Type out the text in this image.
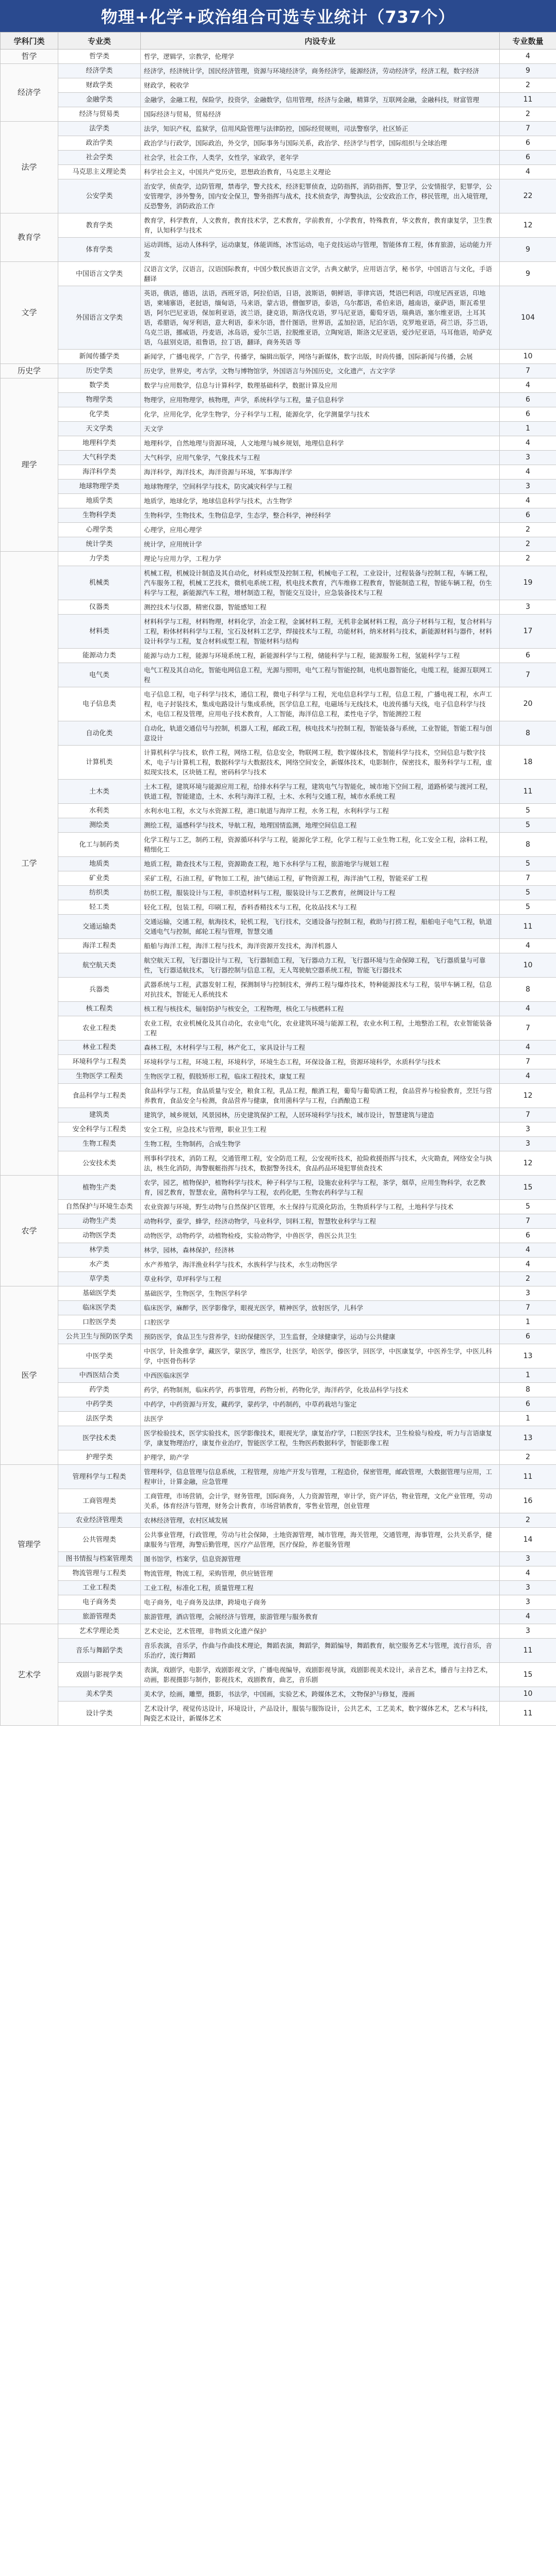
物理+化学+政治组合可选专业统计（737个）
学科门类	专业类	内设专业	专业数量
哲学	哲学类	哲学，逻辑学，宗教学，伦理学	4
经济学	经济学类	经济学，经济统计学，国民经济管理，资源与环境经济学，商务经济学，能源经济，劳动经济学，经济工程，数字经济	9
	财政学类	财政学，税收学	2
	金融学类	金融学，金融工程，保险学，投资学，金融数学，信用管理，经济与金融，精算学，互联网金融，金融科技，财富管理	11
	经济与贸易类	国际经济与贸易，贸易经济	2
法学	法学类	法学，知识产权，监狱学，信用风险管理与法律防控，国际经贸规则，司法警察学，社区矫正	7
	政治学类	政治学与行政学，国际政治，外交学，国际事务与国际关系，政治学、经济学与哲学，国际组织与全球治理	6
	社会学类	社会学，社会工作，人类学，女性学，家政学，老年学	6
	马克思主义理论类	科学社会主义，中国共产党历史，思想政治教育，马克思主义理论	4
	公安学类	治安学，侦查学，边防管理，禁毒学，警犬技术，经济犯罪侦查，边防指挥，消防指挥，警卫学，公安情报学，犯罪学，公安管理学，涉外警务，国内安全保卫，警务指挥与战术，技术侦查学，海警执法，公安政治工作，移民管理，出入境管理，反恐警务，消防政治工作	22
教育学	教育学类	教育学，科学教育，人文教育，教育技术学，艺术教育，学前教育，小学教育，特殊教育，华文教育，教育康复学，卫生教育，认知科学与技术	12
	体育学类	运动训练，运动人体科学，运动康复，体能训练，冰雪运动，电子竞技运动与管理，智能体育工程，体育旅游，运动能力开发	9
文学	中国语言文学类	汉语言文学，汉语言，汉语国际教育，中国少数民族语言文学，古典文献学，应用语言学，秘书学，中国语言与文化，手语翻译	9
	外国语言文学类	英语，俄语，德语，法语，西班牙语，阿拉伯语，日语，波斯语，朝鲜语，菲律宾语，梵语巴利语，印度尼西亚语，印地语，柬埔寨语，老挝语，缅甸语，马来语，蒙古语，僧伽罗语，泰语，乌尔都语，希伯来语，越南语，豪萨语，斯瓦希里语，阿尔巴尼亚语，保加利亚语，波兰语，捷克语，斯洛伐克语，罗马尼亚语，葡萄牙语，瑞典语，塞尔维亚语，土耳其语，希腊语，匈牙利语，意大利语，泰米尔语，普什图语，世界语，孟加拉语，尼泊尔语，克罗地亚语，荷兰语，芬兰语，乌克兰语，挪威语，丹麦语，冰岛语，爱尔兰语，拉脱维亚语，立陶宛语，斯洛文尼亚语，爱沙尼亚语，马耳他语，哈萨克语，乌兹别克语，祖鲁语，拉丁语，翻译，商务英语 等	104
	新闻传播学类	新闻学，广播电视学，广告学，传播学，编辑出版学，网络与新媒体，数字出版，时尚传播，国际新闻与传播，会展	10
历史学	历史学类	历史学，世界史，考古学，文物与博物馆学，外国语言与外国历史，文化遗产，古文字学	7
理学	数学类	数学与应用数学，信息与计算科学，数理基础科学，数据计算及应用	4
	物理学类	物理学，应用物理学，核物理，声学，系统科学与工程，量子信息科学	6
	化学类	化学，应用化学，化学生物学，分子科学与工程，能源化学，化学测量学与技术	6
	天文学类	天文学	1
	地理科学类	地理科学，自然地理与资源环境，人文地理与城乡规划，地理信息科学	4
	大气科学类	大气科学，应用气象学，气象技术与工程	3
	海洋科学类	海洋科学，海洋技术，海洋资源与环境，军事海洋学	4
	地球物理学类	地球物理学，空间科学与技术，防灾减灾科学与工程	3
	地质学类	地质学，地球化学，地球信息科学与技术，古生物学	4
	生物科学类	生物科学，生物技术，生物信息学，生态学，整合科学，神经科学	6
	心理学类	心理学，应用心理学	2
	统计学类	统计学，应用统计学	2
工学	力学类	理论与应用力学，工程力学	2
	机械类	机械工程，机械设计制造及其自动化，材料成型及控制工程，机械电子工程，工业设计，过程装备与控制工程，车辆工程，汽车服务工程，机械工艺技术，微机电系统工程，机电技术教育，汽车维修工程教育，智能制造工程，智能车辆工程，仿生科学与工程，新能源汽车工程，增材制造工程，智能交互设计，应急装备技术与工程	19
	仪器类	测控技术与仪器，精密仪器，智能感知工程	3
	材料类	材料科学与工程，材料物理，材料化学，冶金工程，金属材料工程，无机非金属材料工程，高分子材料与工程，复合材料与工程，粉体材料科学与工程，宝石及材料工艺学，焊接技术与工程，功能材料，纳米材料与技术，新能源材料与器件，材料设计科学与工程，复合材料成型工程，智能材料与结构	17
	能源动力类	能源与动力工程，能源与环境系统工程，新能源科学与工程，储能科学与工程，能源服务工程，氢能科学与工程	6
	电气类	电气工程及其自动化，智能电网信息工程，光源与照明，电气工程与智能控制，电机电器智能化，电缆工程，能源互联网工程	7
	电子信息类	电子信息工程，电子科学与技术，通信工程，微电子科学与工程，光电信息科学与工程，信息工程，广播电视工程，水声工程，电子封装技术，集成电路设计与集成系统，医学信息工程，电磁场与无线技术，电波传播与天线，电子信息科学与技术，电信工程及管理，应用电子技术教育，人工智能，海洋信息工程，柔性电子学，智能测控工程	20
	自动化类	自动化，轨道交通信号与控制，机器人工程，邮政工程，核电技术与控制工程，智能装备与系统，工业智能，智能工程与创意设计	8
	计算机类	计算机科学与技术，软件工程，网络工程，信息安全，物联网工程，数字媒体技术，智能科学与技术，空间信息与数字技术，电子与计算机工程，数据科学与大数据技术，网络空间安全，新媒体技术，电影制作，保密技术，服务科学与工程，虚拟现实技术，区块链工程，密码科学与技术	18
	土木类	土木工程，建筑环境与能源应用工程，给排水科学与工程，建筑电气与智能化，城市地下空间工程，道路桥梁与渡河工程，铁道工程，智能建造，土木、水利与海洋工程，土木、水利与交通工程，城市水系统工程	11
	水利类	水利水电工程，水文与水资源工程，港口航道与海岸工程，水务工程，水利科学与工程	5
	测绘类	测绘工程，遥感科学与技术，导航工程，地理国情监测，地理空间信息工程	5
	化工与制药类	化学工程与工艺，制药工程，资源循环科学与工程，能源化学工程，化学工程与工业生物工程，化工安全工程，涂料工程，精细化工	8
	地质类	地质工程，勘查技术与工程，资源勘查工程，地下水科学与工程，旅游地学与规划工程	5
	矿业类	采矿工程，石油工程，矿物加工工程，油气储运工程，矿物资源工程，海洋油气工程，智能采矿工程	7
	纺织类	纺织工程，服装设计与工程，非织造材料与工程，服装设计与工艺教育，丝绸设计与工程	5
	轻工类	轻化工程，包装工程，印刷工程，香料香精技术与工程，化妆品技术与工程	5
	交通运输类	交通运输，交通工程，航海技术，轮机工程，飞行技术，交通设备与控制工程，救助与打捞工程，船舶电子电气工程，轨道交通电气与控制，邮轮工程与管理，智慧交通	11
	海洋工程类	船舶与海洋工程，海洋工程与技术，海洋资源开发技术，海洋机器人	4
	航空航天类	航空航天工程，飞行器设计与工程，飞行器制造工程，飞行器动力工程，飞行器环境与生命保障工程，飞行器质量与可靠性，飞行器适航技术，飞行器控制与信息工程，无人驾驶航空器系统工程，智能飞行器技术	10
	兵器类	武器系统与工程，武器发射工程，探测制导与控制技术，弹药工程与爆炸技术，特种能源技术与工程，装甲车辆工程，信息对抗技术，智能无人系统技术	8
	核工程类	核工程与核技术，辐射防护与核安全，工程物理，核化工与核燃料工程	4
	农业工程类	农业工程，农业机械化及其自动化，农业电气化，农业建筑环境与能源工程，农业水利工程，土地整治工程，农业智能装备工程	7
	林业工程类	森林工程，木材科学与工程，林产化工，家具设计与工程	4
	环境科学与工程类	环境科学与工程，环境工程，环境科学，环境生态工程，环保设备工程，资源环境科学，水质科学与技术	7
	生物医学工程类	生物医学工程，假肢矫形工程，临床工程技术，康复工程	4
	食品科学与工程类	食品科学与工程，食品质量与安全，粮食工程，乳品工程，酿酒工程，葡萄与葡萄酒工程，食品营养与检验教育，烹饪与营养教育，食品安全与检测，食品营养与健康，食用菌科学与工程，白酒酿造工程	12
	建筑类	建筑学，城乡规划，风景园林，历史建筑保护工程，人居环境科学与技术，城市设计，智慧建筑与建造	7
	安全科学与工程类	安全工程，应急技术与管理，职业卫生工程	3
	生物工程类	生物工程，生物制药，合成生物学	3
	公安技术类	刑事科学技术，消防工程，交通管理工程，安全防范工程，公安视听技术，抢险救援指挥与技术，火灾勘查，网络安全与执法，核生化消防，海警舰艇指挥与技术，数据警务技术，食品药品环境犯罪侦查技术	12
农学	植物生产类	农学，园艺，植物保护，植物科学与技术，种子科学与工程，设施农业科学与工程，茶学，烟草，应用生物科学，农艺教育，园艺教育，智慧农业，菌物科学与工程，农药化肥，生物农药科学与工程	15
	自然保护与环境生态类	农业资源与环境，野生动物与自然保护区管理，水土保持与荒漠化防治，生物质科学与工程，土地科学与技术	5
	动物生产类	动物科学，蚕学，蜂学，经济动物学，马业科学，饲料工程，智慧牧业科学与工程	7
	动物医学类	动物医学，动物药学，动植物检疫，实验动物学，中兽医学，兽医公共卫生	6
	林学类	林学，园林，森林保护，经济林	4
	水产类	水产养殖学，海洋渔业科学与技术，水族科学与技术，水生动物医学	4
	草学类	草业科学，草坪科学与工程	2
医学	基础医学类	基础医学，生物医学，生物医学科学	3
	临床医学类	临床医学，麻醉学，医学影像学，眼视光医学，精神医学，放射医学，儿科学	7
	口腔医学类	口腔医学	1
	公共卫生与预防医学类	预防医学，食品卫生与营养学，妇幼保健医学，卫生监督，全球健康学，运动与公共健康	6
	中医学类	中医学，针灸推拿学，藏医学，蒙医学，维医学，壮医学，哈医学，傣医学，回医学，中医康复学，中医养生学，中医儿科学，中医骨伤科学	13
	中西医结合类	中西医临床医学	1
	药学类	药学，药物制剂，临床药学，药事管理，药物分析，药物化学，海洋药学，化妆品科学与技术	8
	中药学类	中药学，中药资源与开发，藏药学，蒙药学，中药制药，中草药栽培与鉴定	6
	法医学类	法医学	1
	医学技术类	医学检验技术，医学实验技术，医学影像技术，眼视光学，康复治疗学，口腔医学技术，卫生检验与检疫，听力与言语康复学，康复物理治疗，康复作业治疗，智能医学工程，生物医药数据科学，智能影像工程	13
	护理学类	护理学，助产学	2
管理学	管理科学与工程类	管理科学，信息管理与信息系统，工程管理，房地产开发与管理，工程造价，保密管理，邮政管理，大数据管理与应用，工程审计，计算金融，应急管理	11
	工商管理类	工商管理，市场营销，会计学，财务管理，国际商务，人力资源管理，审计学，资产评估，物业管理，文化产业管理，劳动关系，体育经济与管理，财务会计教育，市场营销教育，零售业管理，创业管理	16
	农业经济管理类	农林经济管理，农村区域发展	2
	公共管理类	公共事业管理，行政管理，劳动与社会保障，土地资源管理，城市管理，海关管理，交通管理，海事管理，公共关系学，健康服务与管理，海警后勤管理，医疗产品管理，医疗保险，养老服务管理	14
	图书情报与档案管理类	图书馆学，档案学，信息资源管理	3
	物流管理与工程类	物流管理，物流工程，采购管理，供应链管理	4
	工业工程类	工业工程，标准化工程，质量管理工程	3
	电子商务类	电子商务，电子商务及法律，跨境电子商务	3
	旅游管理类	旅游管理，酒店管理，会展经济与管理，旅游管理与服务教育	4
艺术学	艺术学理论类	艺术史论，艺术管理，非物质文化遗产保护	3
	音乐与舞蹈学类	音乐表演，音乐学，作曲与作曲技术理论，舞蹈表演，舞蹈学，舞蹈编导，舞蹈教育，航空服务艺术与管理，流行音乐，音乐治疗，流行舞蹈	11
	戏剧与影视学类	表演，戏剧学，电影学，戏剧影视文学，广播电视编导，戏剧影视导演，戏剧影视美术设计，录音艺术，播音与主持艺术，动画，影视摄影与制作，影视技术，戏剧教育，曲艺，音乐剧	15
	美术学类	美术学，绘画，雕塑，摄影，书法学，中国画，实验艺术，跨媒体艺术，文物保护与修复，漫画	10
	设计学类	艺术设计学，视觉传达设计，环境设计，产品设计，服装与服饰设计，公共艺术，工艺美术，数字媒体艺术，艺术与科技，陶瓷艺术设计，新媒体艺术	11
